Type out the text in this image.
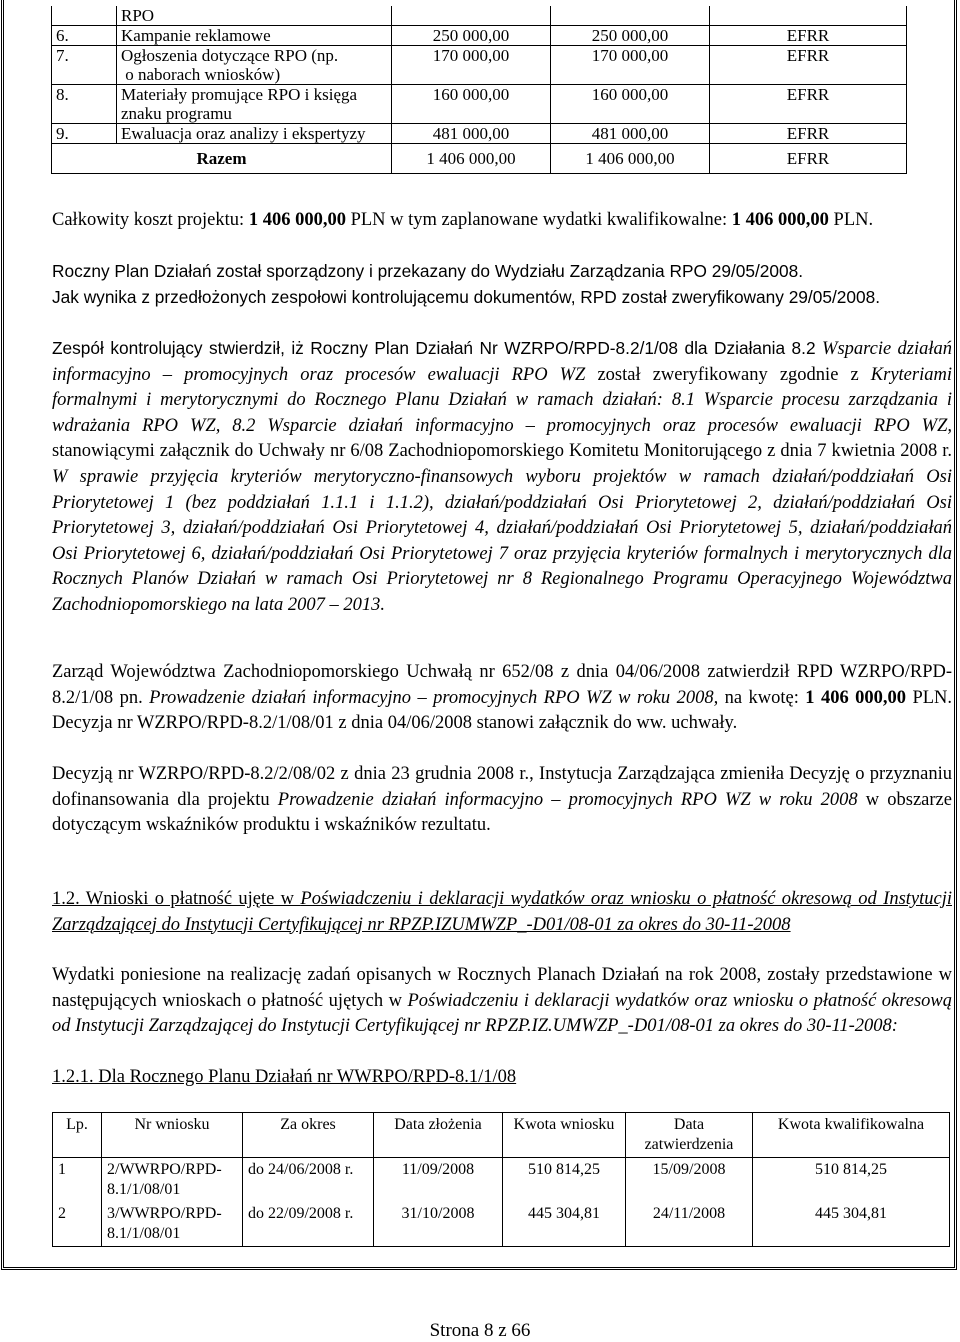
	RPO			
6.	Kampanie reklamowe	250 000,00	250 000,00	EFRR
7.	Ogłoszenia dotyczące RPO (np.
o naborach wniosków)	170 000,00	170 000,00	EFRR
8.	Materiały promujące RPO i księga
znaku programu	160 000,00	160 000,00	EFRR
9.	Ewaluacja oraz analizy i ekspertyzy	481 000,00	481 000,00	EFRR
Razem		1 406 000,00	1 406 000,00	EFRR
Całkowity koszt projektu: 1 406 000,00 PLN w tym zaplanowane wydatki kwalifikowalne: 1 406 000,00 PLN.
Roczny Plan Działań został sporządzony i przekazany do Wydziału Zarządzania RPO 29/05/2008.
Jak wynika z przedłożonych zespołowi kontrolującemu dokumentów, RPD został zweryfikowany 29/05/2008.
Zespół kontrolujący stwierdził, iż Roczny Plan Działań Nr WZRPO/RPD-8.2/1/08 dla Działania 8.2 Wsparcie działań informacyjno – promocyjnych oraz procesów ewaluacji RPO WZ został zweryfikowany zgodnie z Kryteriami formalnymi i merytorycznymi do Rocznego Planu Działań w ramach działań: 8.1 Wsparcie procesu zarządzania i wdrażania RPO WZ, 8.2 Wsparcie działań informacyjno – promocyjnych oraz procesów ewaluacji RPO WZ, stanowiącymi załącznik do Uchwały nr 6/08 Zachodniopomorskiego Komitetu Monitorującego z dnia 7 kwietnia 2008 r. W sprawie przyjęcia kryteriów merytoryczno-finansowych wyboru projektów w ramach działań/poddziałań Osi Priorytetowej 1 (bez poddziałań 1.1.1 i 1.1.2), działań/poddziałań Osi Priorytetowej 2, działań/poddziałań Osi Priorytetowej 3, działań/poddziałań Osi Priorytetowej 4, działań/poddziałań Osi Priorytetowej 5, działań/poddziałań Osi Priorytetowej 6, działań/poddziałań Osi Priorytetowej 7 oraz przyjęcia kryteriów formalnych i merytorycznych dla Rocznych Planów Działań w ramach Osi Priorytetowej nr 8 Regionalnego Programu Operacyjnego Województwa Zachodniopomorskiego na lata 2007 – 2013.
Zarząd Województwa Zachodniopomorskiego Uchwałą nr 652/08 z dnia 04/06/2008 zatwierdził RPD WZRPO/RPD-8.2/1/08 pn. Prowadzenie działań informacyjno – promocyjnych RPO WZ w roku 2008, na kwotę: 1 406 000,00 PLN. Decyzja nr WZRPO/RPD-8.2/1/08/01 z dnia 04/06/2008 stanowi załącznik do ww. uchwały.
Decyzją nr WZRPO/RPD-8.2/2/08/02 z dnia 23 grudnia 2008 r., Instytucja Zarządzająca zmieniła Decyzję o przyznaniu dofinansowania dla projektu Prowadzenie działań informacyjno – promocyjnych RPO WZ w roku 2008 w obszarze dotyczącym wskaźników produktu i wskaźników rezultatu.
1.2. Wnioski o płatność ujęte w Poświadczeniu i deklaracji wydatków oraz wniosku o płatność okresową od Instytucji Zarządzającej do Instytucji Certyfikującej nr RPZP.IZUMWZP_-D01/08-01 za okres do 30-11-2008
Wydatki poniesione na realizację zadań opisanych w Rocznych Planach Działań na rok 2008, zostały przedstawione w następujących wnioskach o płatność ujętych w Poświadczeniu i deklaracji wydatków oraz wniosku o płatność okresową od Instytucji Zarządzającej do Instytucji Certyfikującej nr RPZP.IZ.UMWZP_-D01/08-01 za okres do 30-11-2008:
1.2.1. Dla Rocznego Planu Działań nr WWRPO/RPD-8.1/1/08
Lp.	Nr wniosku	Za okres	Data złożenia	Kwota wniosku	Data zatwierdzenia	Kwota kwalifikowalna
1	2/WWRPO/RPD-8.1/1/08/01	do 24/06/2008 r.	11/09/2008	510 814,25	15/09/2008	510 814,25
2	3/WWRPO/RPD-8.1/1/08/01	do 22/09/2008 r.	31/10/2008	445 304,81	24/11/2008	445 304,81
Strona 8 z 66
